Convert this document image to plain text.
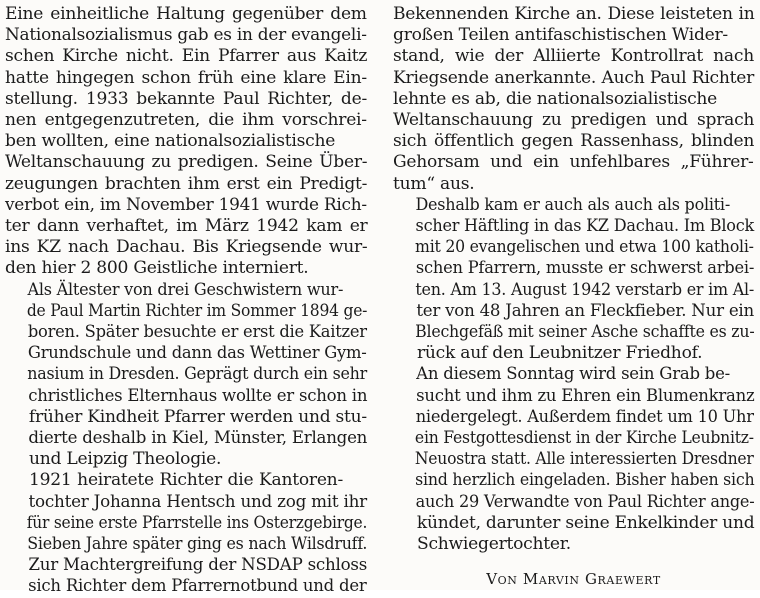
Eine einheitliche Haltung gegenüber dem
Nationalsozialismus gab es in der evangeli-
schen Kirche nicht. Ein Pfarrer aus Kaitz
hatte hingegen schon früh eine klare Ein-
stellung. 1933 bekannte Paul Richter, de-
nen entgegenzutreten, die ihm vorschrei-
ben wollten, eine nationalsozialistische
Weltanschauung zu predigen. Seine Über-
zeugungen brachten ihm erst ein Predigt-
verbot ein, im November 1941 wurde Rich-
ter dann verhaftet, im März 1942 kam er
ins KZ nach Dachau. Bis Kriegsende wur-
den hier 2 800 Geistliche interniert.

Als Ältester von drei Geschwistern wur-
de Paul Martin Richter im Sommer 1894 ge-
boren. Später besuchte er erst die Kaitzer
Grundschule und dann das Wettiner Gym-
nasium in Dresden. Geprägt durch ein sehr
christliches Elternhaus wollte er schon in
früher Kindheit Pfarrer werden und stu-
dierte deshalb in Kiel, Münster, Erlangen
und Leipzig Theologie.

1921 heiratete Richter die Kantoren-
tochter Johanna Hentsch und zog mit ihr
für seine erste Pfarrstelle ins Osterzgebirge.
Sieben Jahre später ging es nach Wilsdruff.
Zur Machtergreifung der NSDAP schloss
sich Richter dem Pfarrernotbund und der

Bekennenden Kirche an. Diese leisteten in
großen Teilen antifaschistischen Wider-
stand, wie der Alliierte Kontrollrat nach
Kriegsende anerkannte. Auch Paul Richter
lehnte es ab, die nationalsozialistische
Weltanschauung zu predigen und sprach
sich öffentlich gegen Rassenhass, blinden
Gehorsam und ein unfehlbares „Führer-
tum“ aus.

Deshalb kam er auch als auch als politi-
scher Häftling in das KZ Dachau. Im Block
mit 20 evangelischen und etwa 100 katholi-
schen Pfarrern, musste er schwerst arbei-
ten. Am 13. August 1942 verstarb er im Al-
ter von 48 Jahren an Fleckfieber. Nur ein
Blechgefäß mit seiner Asche schaffte es zu-
rück auf den Leubnitzer Friedhof.

An diesem Sonntag wird sein Grab be-
sucht und ihm zu Ehren ein Blumenkranz
niedergelegt. Außerdem findet um 10 Uhr
ein Festgottesdienst in der Kirche Leubnitz-
Neuostra statt. Alle interessierten Dresdner
sind herzlich eingeladen. Bisher haben sich
auch 29 Verwandte von Paul Richter ange-
kündet, darunter seine Enkelkinder und
Schwiegertochter.

Von Marvin Graewert
